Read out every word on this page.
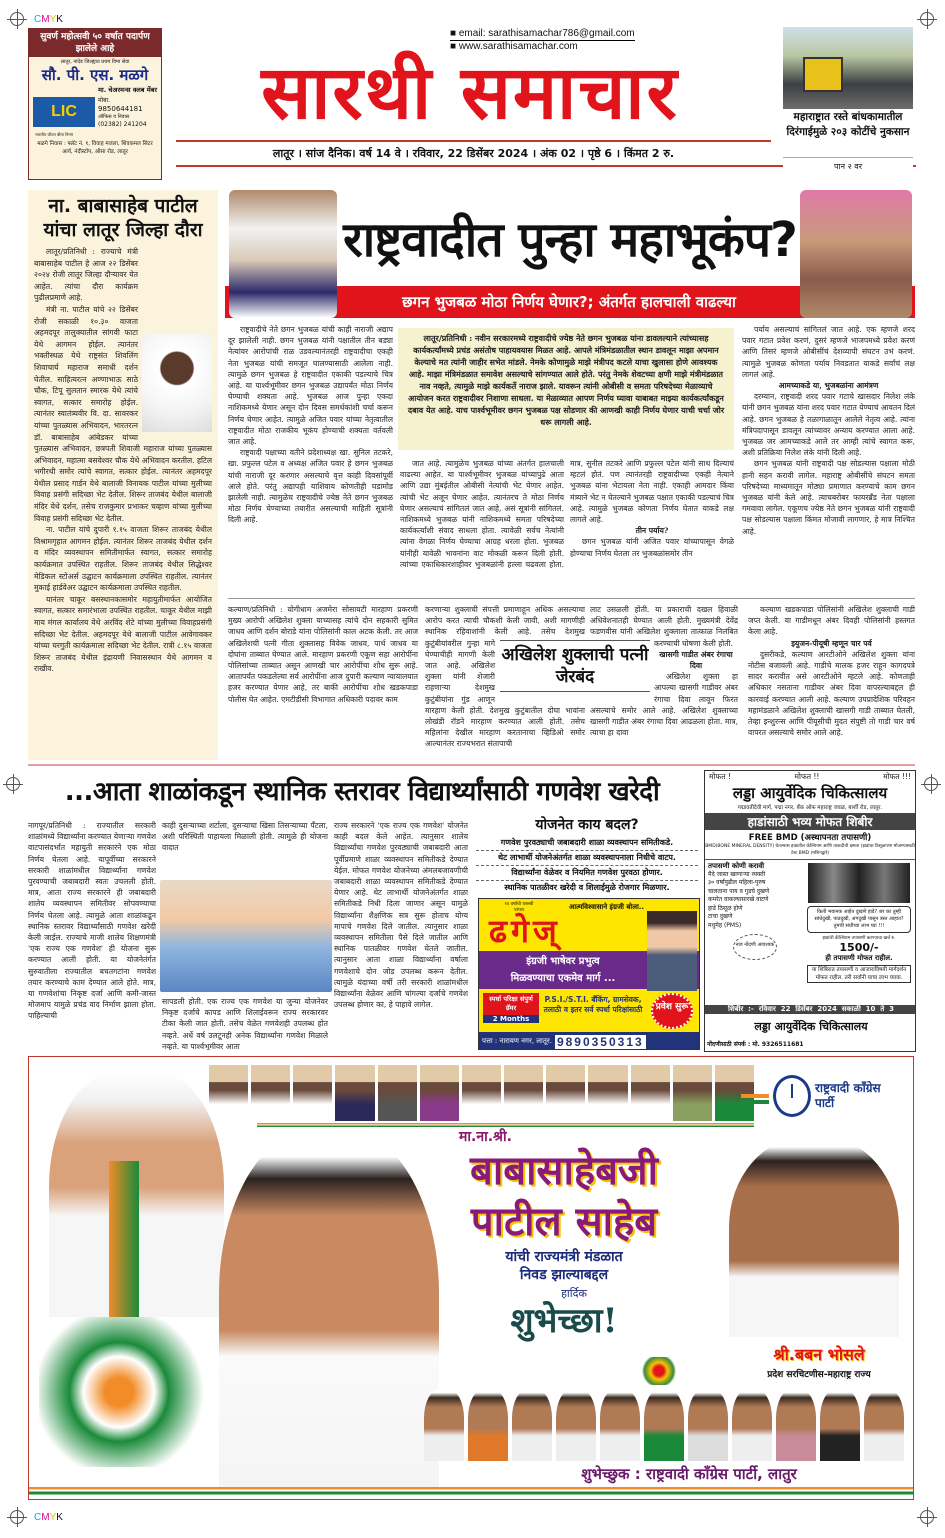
CMYK
CMYK
सुवर्ण महोत्सवी ५० वर्षात पदार्पण झालेले आहे
लातूर, नांदेड जिल्ह्यात प्रथम विमा सेवा
सौ. पी. एस. मळगे
मा. चेअरमन्स क्लब मेंबर
LIC
मोबा.
9850644181
ऑफिस व निवास
(02382) 241204
भारतीय जीवन बीमा निगम
मळगे निवास : फ्लॅट नं. १, विवाह मजला, शिवकमल सिटर आर्य, नंदीस्टॉप, औसा रोड, लातूर
■ email: sarathisamachar786@gmail.com
■ www.sarathisamachar.com
सारथी समाचार
लातूर । सांज दैनिक। वर्ष 14 वे । रविवार, 22 डिसेंबर 2024 । अंक 02 । पृष्ठे 6 । किंमत 2 रु.
महाराष्ट्रात रस्ते बांधकामातील दिरंगाईमुळे २०३ कोटींचे नुकसान
पान २ वर
ना. बाबासाहेब पाटील यांचा लातूर जिल्हा दौरा

लातूर/प्रतिनिधी : राज्याचे मंत्री बाबासाहेब पाटील हे आज २२ डिसेंबर २०२४ रोजी लातूर जिल्हा दौऱ्यावर येत आहेत. त्यांचा दौरा कार्यक्रम पुढीलप्रमाणे आहे.

मंत्री ना. पाटील यांचे २२ डिसेंबर रोजी सकाळी १०.३० वाजता अहमदपूर तालुक्यातील सांगवी फाटा येथे आगमन होईल. त्यानंतर भक्तीस्थळ येथे राष्ट्रसंत शिवलिंग शिवाचार्य महाराज समाधी दर्शन घेतील. साहित्यरत्न अण्णाभाऊ साठे चौक, टिपू सुलतान स्मारक येथे त्यांचे स्वागत, सत्कार समारोह होईल. त्यानंतर स्वातंत्र्यवीर वि. दा. सावरकर यांच्या पुतळ्यास अभिवादन, भारतरत्न डॉ. बाबासाहेब आंबेडकर यांच्या पुतळ्यास अभिवादन, छत्रपती शिवाजी महाराज यांच्या पुतळ्यास अभिवादन, महात्मा बसवेश्वर चौक येथे अभिवादन करतील. हटिल भगीरथी समोर त्यांचे स्वागत, सत्कार होईल. त्यानंतर अहमदपूर येथील प्रसाद गार्डन येथे बालाजी विनायक पाटील यांच्या मुलीच्या विवाह प्रसंगी सदिच्छा भेट देतील. शिरूर ताजबंद येथील बालाजी मंदिर येथे दर्शन, तसेच राजकुमार प्रभाकर चव्हाण यांच्या मुलीच्या विवाह प्रसंगी सदिच्छा भेट देतील.

ना. पाटील यांचे दुपारी १.१५ वाजता शिरूर ताजबंद येथील विश्रामगृहात आगमन होईल. त्यानंतर शिरूर ताजबंद येथील दर्शन व मंदिर व्यवस्थापन समितीमार्फत स्वागत, सत्कार समारोह कार्यक्रमात उपस्थित राहतील. शिरूर ताजबंद येथील सिद्धेश्वर मेडिकल स्टोअर्स उद्घाटन कार्यक्रमाला उपस्थित राहतील. त्यानंतर मुकाई हार्डवेअर उद्घाटन कार्यक्रमाला उपस्थित राहतील.

यानंतर चाकूर बसस्थानकासमोर महायुतीमार्फत आयोजित स्वागत, सत्कार समारंभाला उपस्थित राहतील. चाकूर येथील माझी माय मंगल कार्यालय येथे अरविंद शेटे यांच्या मुलीच्या विवाहप्रसंगी सदिच्छा भेट देतील. अहमदपूर येथे बालाजी पाटील आवेगावकर यांच्या घरगुती कार्यक्रमाला सदिच्छा भेट देतील. रात्री ८.१५ वाजता शिरूर ताजबंद येथील इंद्रायणी निवासस्थान येथे आगमन व राखीव.

राष्ट्रवादीत पुन्हा महाभूकंप?
छगन भुजबळ मोठा निर्णय घेणार?; अंतर्गत हालचाली वाढल्या

राष्ट्रवादीचे नेते छगन भुजबळ यांची काही नाराजी अद्याप दूर झालेली नाही. छगन भुजबळ यांनी पक्षातील तीन बड्या नेत्यांवर आरोपांची राळ उडवल्यानंतरही राष्ट्रवादीचा एकही नेता भुजबळ यांची समजूत घालण्यासाठी आलेला नाही. त्यामुळे छगन भुजबळ हे राष्ट्रवादीत एकाकी पडल्याचे चित्र आहे. या पार्श्वभूमीवर छगन भुजबळ उद्यापर्यंत मोठा निर्णय घेण्याची शक्यता आहे. भुजबळ आज पुन्हा एकदा नाशिकमध्ये येणार असून दोन दिवस समर्थकांशी चर्चा करून निर्णय घेणार आहेत. त्यामुळे अजित पवार यांच्या नेतृत्वातील राष्ट्रवादीत मोठा राजकीय भूकंप होण्याची शक्यता वर्तवली जात आहे.

राष्ट्रवादी पक्षाच्या वतीने प्रदेशाध्यक्ष खा. सुनिल तटकरे, खा. प्रफुल्ल पटेल व अध्यक्ष अजित पवार हे छगन भुजबळ यांची नाराजी दूर करणार असल्याचे वृत्त काही दिवसांपूर्वी आले होते. परंतु अद्यापही याशिवाय कोणतीही घडामोड झालेली नाही. त्यामुळेच राष्ट्रवादीचे ज्येष्ठ नेते छगन भुजबळ मोठा निर्णय घेण्याच्या तयारीत असल्याची माहिती सूत्रांनी दिली आहे.

लातूर/प्रतिनिधी : नवीन सरकारमध्ये राष्ट्रवादीचे ज्येष्ठ नेते छगन भुजबळ यांना डावलल्याने त्यांच्यासह कार्यकर्त्यांमध्ये प्रचंड असंतोष पाहायवयास मिळत आहे. आपले मंत्रिमंडळातील स्थान डावलून माझा अपमान केल्याचे मत त्यांनी जाहीर सभेत मांडले. नेमके कोणामुळे माझे मंत्रीपद कटले याचा खुलासा होणे आवश्यक आहे. माझा मंत्रिमंडळात समावेश असल्याचे सांगण्यात आले होते. परंतु नेमके शेवटच्या क्षणी माझे मंत्रीमंडळात नाव नव्हते, त्यामुळे माझे कार्यकर्ते नाराज झाले. यावरून त्यांनी ओबीसी व समता परिषदेच्या मेळाव्याचे आयोजन करत राष्ट्रवादीवर निशाणा साधला. या मेळाव्यात आपण निर्णय घ्यावा याबाबत माझ्या कार्यकर्त्यांकडून दबाव येत आहे. याच पार्श्वभूमीवर छगन भुजबळ पक्ष सोडणार की आणखी काही निर्णय घेणार याची चर्चा जोर धरू लागली आहे.

जात आहे. त्यामुळेच भुजबळ यांच्या अंतर्गत हालचाली वाढल्या आहेत. या पार्श्वभूमीवर भुजबळ यांच्यापुढे आता आणि उद्या मुंबईतील ओबीसी नेत्यांची भेट घेणार आहेत. त्यांची भेट अजून घेणार आहेत. त्यानंतरच ते मोठा निर्णय घेणार असल्याचं सांगितलं जात आहे, असं सूत्रांनी सांगितलं. नाशिकमध्ये भुजबळ यांनी नाशिकमध्ये समता परिषदेच्या कार्यकर्त्यांशी संवाद साधला होता. त्यावेळी सर्वच नेत्यांनी त्यांना वेगळा निर्णय घेण्याचा आग्रह धरला होता. भुजबळ यांनीही यावेळी भावनांना वाट मोकळी करून दिली होती. त्यांच्या एकाधिकारशाहीवर भुजबळांनी हल्ला चढवला होता. मात्र, सुनील तटकरे आणि प्रफुल्ल पटेल यांनी साथ दिल्याचं म्हटलं होतं. पण त्यानंतरही राष्ट्रवादीच्या एकही नेत्याने भुजबळ यांना भेटायला नेता नाही. एकाही आमदार किंवा मंत्र्याने भेट न घेतल्याने भुजबळ पक्षात एकाकी पडल्याचं चित्र आहे. त्यामुळे भुजबळ कोणता निर्णय घेतात याकडे लक्ष लागले आहे.

तीन पर्याय?

छगन भुजबळ यांनी अजित पवार यांच्यापासून वेगळे होण्याचा निर्णय घेतला तर भुजबळांसमोर तीन

पर्याय असल्याचं सांगितलं जात आहे. एक म्हणजे शरद पवार गटात प्रवेश करणं, दुसरं म्हणजे भाजपमध्ये प्रवेश करणं आणि तिसरं म्हणजे ओबीसींचं देशव्यापी संघटन उभं करणं. त्यामुळे भुजबळ कोणता पर्याय निवडतात याकडे सर्वांचं लक्ष लागलं आहे.

आमच्याकडे या, भुजबळांना आमंत्रण

दरम्यान, राष्ट्रवादी शरद पवार गटाचे खासदार निलेश लंके यांनी छगन भुजबळ यांना शरद पवार गटात येण्याचं आवतन दिलं आहे. छगन भुजबळ हे तळागाळातून आलेले नेतृत्व आहे. त्यांना मंत्रिपदापासून डावलून त्यांच्यावर अन्याय करण्यात आला आहे. भुजबळ जर आमच्याकडे आले तर आम्ही त्यांचे स्वागत करू, अशी प्रतिक्रिया निलेश लंके यांनी दिली आहे.

छगन भुजबळ यांनी राष्ट्रवादी पक्ष सोडल्यास पक्षाला मोठी हानी सहन करावी लागेल. महाराष्ट्र ओबीसींचे संघटन समता परिषदेच्या माध्यमातून मोठ्या प्रमाणात करण्याचे काम छगन भुजबळ यांनी केले आहे. त्याचबरोबर फायरब्रँड नेता पक्षाला गमवावा लागेल. एकूणच ज्येष्ठ नेते छगन भुजबळ यांनी राष्ट्रवादी पक्ष सोडल्यास पक्षाला किंमत मोजावी लागणार, हे मात्र निश्चित आहे.

कल्याण/प्रतिनिधी : योगीधाम अजमेरा सोसायटी मारहाण प्रकरणी मुख्य आरोपी अखिलेश शुक्ला याच्यासह त्यांचे दोन सहकारी सुमित जाधव आणि दर्शन बोराडे यांना पोलिसांनी काल अटक केली. तर आज अखिलेशची पत्नी गीता शुक्लासह विवेक जाधव, पार्थ जाधव या दोघांना ताब्यात घेण्यात आले. मारहाण प्रकरणी एकूण सहा आरोपींना पोलिसांच्या ताब्यात असून आणखी चार आरोपींचा शोध सुरू आहे. आतापर्यंत पकडलेल्या सर्व आरोपींना आज दुपारी कल्याण न्यायालयात हजर करण्यात येणार आहे, तर बाकी आरोपींचा शोध खडकपाडा पोलीस घेत आहेत. एमटीडीसी विभागात अधिकारी पदावर काम
करणाऱ्या शुक्लाची संपत्ती प्रमाणाहून अधिक असल्याचा आरोप करत त्याची चौकशी केली जावी, अशी मागणीही स्थानिक रहिवाशांनी केली आहे. तसेच देशमुख कुटुंबीयांवरील गुन्हा मागे घेण्याचीही मागणी केली जात आहे. अखिलेश शुक्ला यांनी शेजारी राहणाऱ्या देशमुख कुटुंबीयांना गुंड आणून मारहाण केली होती. देशमुख कुटुंबातील दोघा भावांना लोखंडी रॉडने मारहाण करण्यात आली होती. तसेच महिलांना देखील मारहाण करतानाचा व्हिडिओ समोर आल्यानंतर राज्यभरात संतापाची
अखिलेश शुक्लाची पत्नी जेरबंद
लाट उसळली होती. या प्रकाराची दखल हिवाळी अधिवेशनातही घेण्यात आली होती. मुख्यमंत्री देवेंद्र फडणवीस यांनी अखिलेश शुक्लाला तात्काळ निलंबित करण्याची घोषणा केली होती.
खासगी गाडीत अंबर रंगाचा दिवा

अखिलेश शुक्ला हा आपल्या खासगी गाडीवर अंबर रंगाचा दिवा लावून फिरत असल्याचे समोर आले आहे. अखिलेश शुक्लाच्या खासगी गाडीत अंबर रंगाचा दिवा आढळला होता. मात्र, त्याचा हा दावा

कल्याण खडकपाडा पोलिसांनी अखिलेश शुक्लाची गाडी जप्त केली. या गाडीमधून अंबर दिवही पोलिसांनी हस्तगत केला आहे.

इयुजन-पीयूषी म्हणून चार पर्व

दुसरीकडे, कल्याण आरटीओने अखिलेश शुक्ला यांना नोटीस बजावली आहे. गाडीचे मालक हजर राहून कागदपत्रे सादर करावीत असे आरटीओने म्हटले आहे. कोणताही अधिकार नसताना गाडीवर अंबर दिवा वापरल्याबद्दल ही कारवाई करण्यात आली आहे. कल्याण उपप्रादेशिक परिवहन महामंडळाने अखिलेश शुक्लाची खासगी गाडी ताब्यात घेतली, तेव्हा इन्शुरन्स आणि पीयूसीची मुदत संपुष्टी तो गाडी चार वर्ष वापरत असल्याचे समोर आले आहे.

...आता शाळांकडून स्थानिक स्तरावर विद्यार्थ्यांसाठी गणवेश खरेदी
नागपूर/प्रतिनिधी : राज्यातील सरकारी शाळांमध्ये विद्यार्थ्यांना करण्यात येणाऱ्या गणवेश वाटपासंदर्भात महायुती सरकारने एक मोठा निर्णय घेतला आहे. यापूर्वीच्या सरकारने सरकारी शाळांमधील विद्यार्थ्यांना गणवेश पुरवण्याची जबाबदारी स्वतः उचलली होती. मात्र, आता राज्य सरकारने ही जबाबदारी शालेय व्यवस्थापन समितीवर सोपवण्याचा निर्णय घेतला आहे. त्यामुळे आता शाळांकडून स्थानिक स्तरावर विद्यार्थ्यांसाठी गणवेश खरेदी केली जाईल. राज्याचे माजी शालेय शिक्षणमंत्री 'एक राज्य एक गणवेश' ही योजना सुरू करण्यात आली होती. या योजनेतंर्गत सुरुवातीला राज्यातील बचतगटांना गणवेश तयार करण्याचे काम देण्यात आले होते. मात्र, या गणवेशांचा निकृष्ट दर्जा आणि कमी-जास्त मोजमाप यामुळे प्रचंड वाद निर्माण झाला होता. पाहिल्याची
काही दुसऱ्याच्या शर्टाला, दुसऱ्याचा खिसा तिसऱ्याच्या पँटला, अशी परिस्थिती पाहायला मिळाली होती. त्यामुळे ही योजना वादात
सापडली होती. एक राज्य एक गणवेश या जुन्या योजनेवर निकृष्ट दर्जाचे कापड आणि शिलाईवरून राज्य सरकारवर टीका केली जात होती. तसेच वेळेत गणवेशही उपलब्ध होत नव्हते. अर्धे वर्ष उलटूनही अनेक विद्यार्थ्यांना गणवेश मिळाले नव्हते. या पार्श्वभूमीवर आता
राज्य सरकारने 'एक राज्य एक गणवेश' योजनेत काही बदल केले आहेत. त्यानुसार शालेय विद्यार्थ्यांचा गणवेश पुरवठ्याची जबाबदारी आता पूर्वीप्रमाणे शाळा व्यवस्थापन समितीकडे देण्यात येईल. मोफत गणवेश योजनेच्या अंमलबजावणीची जबाबदारी शाळा व्यवस्थापन समितीकडे देण्यात येणार आहे. थेट लाभार्थी योजनेअंतर्गत शाळा समितीकडे निधी दिला जाणार असून यामुळे विद्यार्थ्यांना शैक्षणिक सत्र सुरू होताच योग्य मापाचे गणवेश दिले जातील. त्यानुसार शाळा व्यवस्थापन समितीला पैसे दिले जातील आणि स्थानिक पातळीवर गणवेश घेतले जातील. त्यानुसार आता शाळा विद्यार्थ्यांना वर्षाला गणवेशाचे दोन जोड उपलब्ध करून देतील. त्यामुळे यंदाच्या वर्षी तरी सरकारी शाळांमधील विद्यार्थ्यांना वेळेवर आणि चांगल्या दर्जाचे गणवेश उपलब्ध होणार का, हे पाहावे लागेल.
योजनेत काय बदल?
गणवेश पुरवठ्याची जबाबदारी शाळा व्यवस्थापन समितीकडे.
थेट लाभार्थी योजनेअंतर्गत शाळा व्यवस्थापनाला निधीचे वाटप.
विद्यार्थ्यांना वेळेवर व नियमित गणवेश पुरवठा होणार.
स्थानिक पातळीवर खरेदी व शिलाईमुळे रोजगार मिळणार.
१४ वर्षांची यशस्वी परंपरा	आत्मविश्वासाने इंग्रजी बोला..
ढगेज्
इंग्रजी भाषेवर प्रभुत्व
मिळवण्याचा एकमेव मार्ग ...
स्पर्धा परिक्षा संपुर्ण ग्रॅमर
2 Months
P.S.I./S.T.I. बँकिंग, ग्रामसेवक, तलाठी व इतर सर्व स्पर्धा परिक्षांसाठी	प्रवेश सुरू
पत्ता : नारायण नगर, लातूर. 9890350313
मोफत !	मोफत !!	मोफत !!!
लड्डा आयुर्वेदिक चिकित्सालय
पद्मावतीदेवी मार्ग, पद्मा नगर, बँक ऑफ महाराष्ट्र जवळ, बार्शी रोड, लातूर.
हाडांसाठी भव्य मोफत शिबीर
FREE BMD (अस्थापनता तपासणी)
BMD(BONE MINERAL DENSITY) घेतल्यास हाडातील कॅल्शियम आणि ताकदीची क्षमता (हाडांचा ठिसूळपणा मोजण्यासाठी टेस्ट BMD (मशिनद्वारे)
तपासणी कोणी करावी
मैदे जास्त खाणाऱ्या व्यक्ती
३० वर्षांपुढील महिला-पुरुष
चालताना पाय व गुडघे दुखणे
कमरेत वाकल्यासारखे वाटणे
हाडे ठिसूळ होणे
टाचा दुखणे
मधुमेह (PMS)
नाव नोंदणी आवश्यक
किती भयानक आहेत दुखणे हाडे? जर का तुम्ही सांधेदुखी, पाठदुखी, अंगदुखी पासून त्रस्त आहात? तुमची संधीच्या लाभ घ्या !!!
हाडांची कॅल्शियम तपासणी करण्याचा खर्च रु.
1500/-
ही तपासणी मोफत राहील.
या शिबिरात तपासणी व आजाराविषयी मार्गदर्शन मोफत राहील. तरी सर्वांनी याचा लाभ घ्यावा.
शिबीर  :-  रविवार  22  डिसेंबर  2024  सकाळी  10  ते  3
लड्डा आयुर्वेदिक चिकित्सालय
नोंदणीसाठी संपर्क : मो. 9326511681
राष्ट्रवादी काँग्रेस पार्टी
मा.ना.श्री.
बाबासाहेबजी
पाटील साहेब
यांची राज्यमंत्री मंडळात
निवड झाल्याबद्दल
हार्दिक
शुभेच्छा!
श्री.बबन भोसले
प्रदेश सरचिटणीस-महाराष्ट्र राज्य
शुभेच्छुक : राष्ट्रवादी काँग्रेस पार्टी, लातुर
